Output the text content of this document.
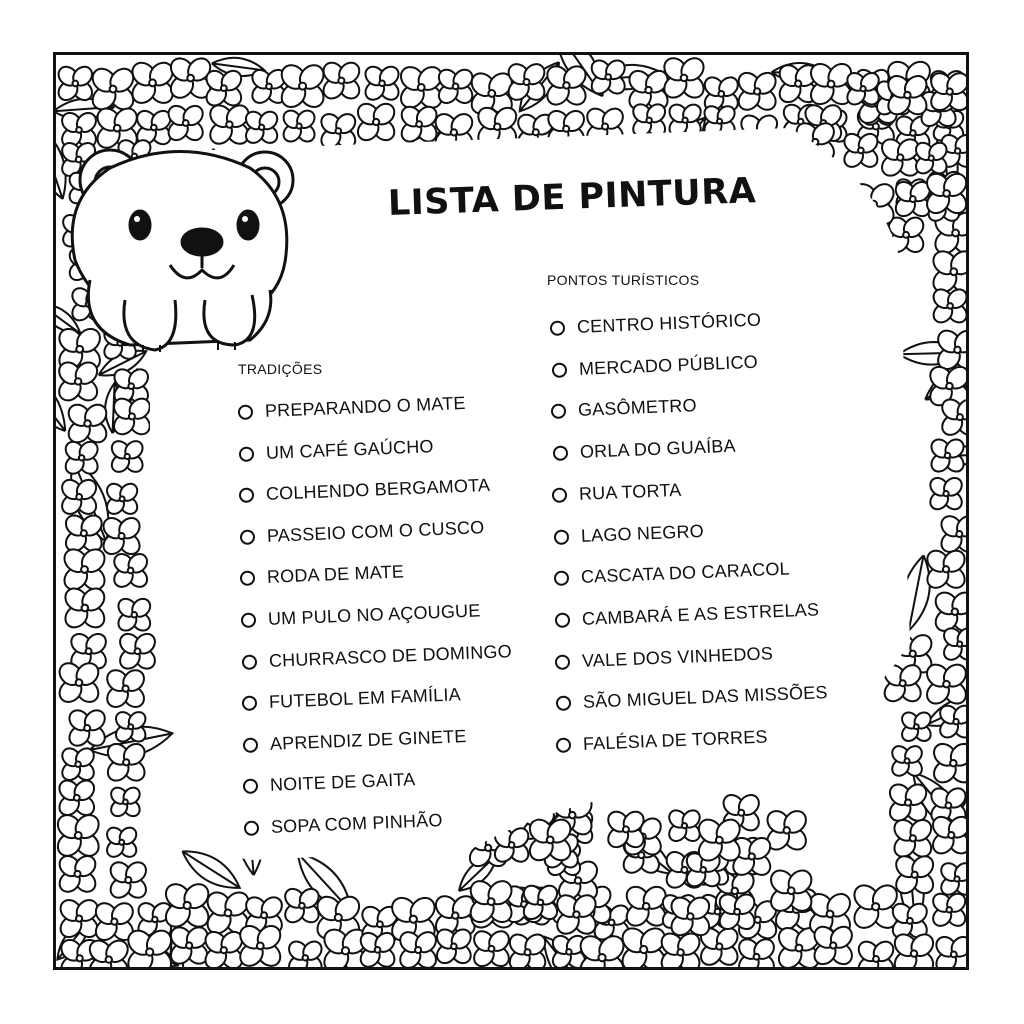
LISTA DE PINTURA
TRADIÇÕES
PONTOS TURÍSTICOS
PREPARANDO O MATE
UM CAFÉ GAÚCHO
COLHENDO BERGAMOTA
PASSEIO COM O CUSCO
RODA DE MATE
UM PULO NO AÇOUGUE
CHURRASCO DE DOMINGO
FUTEBOL EM FAMÍLIA
APRENDIZ DE GINETE
NOITE DE GAITA
SOPA COM PINHÃO
CENTRO HISTÓRICO
MERCADO PÚBLICO
GASÔMETRO
ORLA DO GUAÍBA
RUA TORTA
LAGO NEGRO
CASCATA DO CARACOL
CAMBARÁ E AS ESTRELAS
VALE DOS VINHEDOS
SÃO MIGUEL DAS MISSÕES
FALÉSIA DE TORRES
